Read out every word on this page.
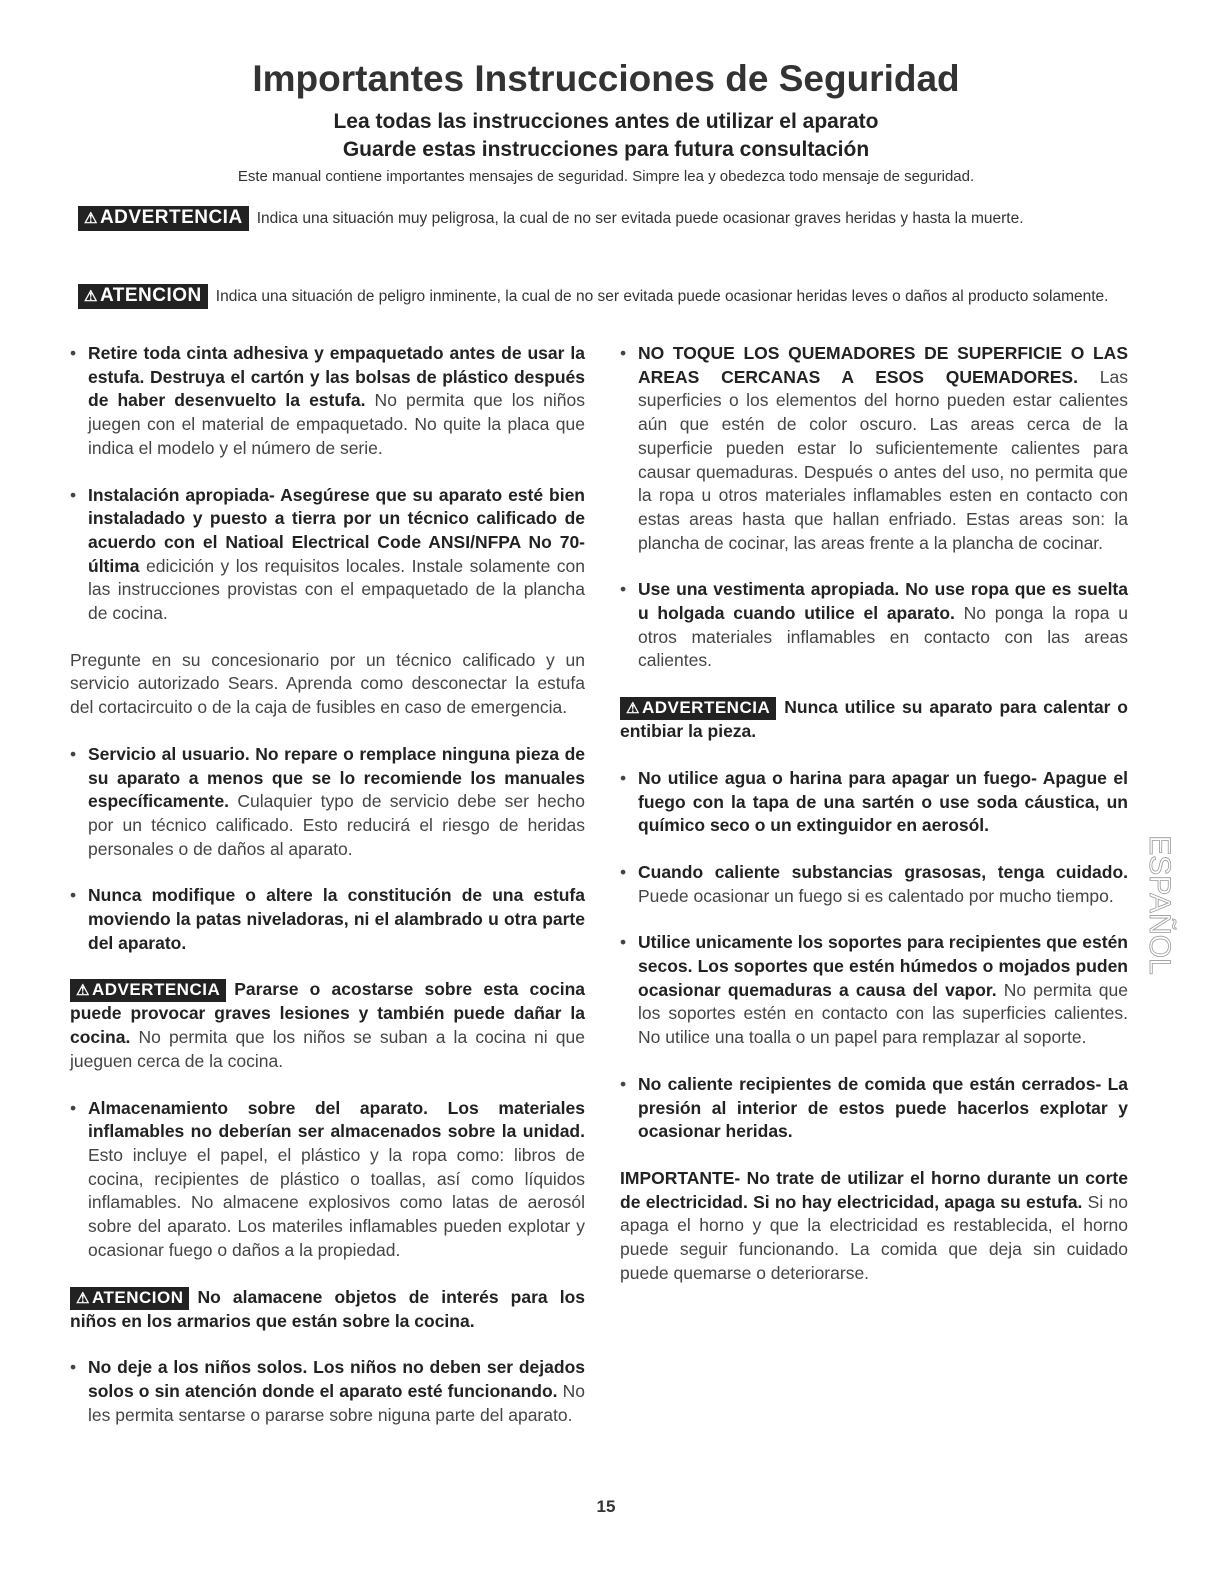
Importantes Instrucciones de Seguridad
Lea todas las instrucciones antes de utilizar el aparato
Guarde estas instrucciones para futura consultación
Este manual contiene importantes mensajes de seguridad. Simpre lea y obedezca todo mensaje de seguridad.
⚠ ADVERTENCIA Indica una situación muy peligrosa, la cual de no ser evitada puede ocasionar graves heridas y hasta la muerte.
⚠ ATENCION Indica una situación de peligro inminente, la cual de no ser evitada puede ocasionar heridas leves o daños al producto solamente.
• Retire toda cinta adhesiva y empaquetado antes de usar la estufa. Destruya el cartón y las bolsas de plástico después de haber desenvuelto la estufa. No permita que los niños juegen con el material de empaquetado. No quite la placa que indica el modelo y el número de serie.
• Instalación apropiada- Asegúrese que su aparato esté bien instaladado y puesto a tierra por un técnico calificado de acuerdo con el Natioal Electrical Code ANSI/NFPA No 70- última edicición y los requisitos locales. Instale solamente con las instrucciones provistas con el empaquetado de la plancha de cocina.
Pregunte en su concesionario por un técnico calificado y un servicio autorizado Sears. Aprenda como desconectar la estufa del cortacircuito o de la caja de fusibles en caso de emergencia.
• Servicio al usuario. No repare o remplace ninguna pieza de su aparato a menos que se lo recomiende los manuales específicamente. Culaquier typo de servicio debe ser hecho por un técnico calificado. Esto reducirá el riesgo de heridas personales o de daños al aparato.
• Nunca modifique o altere la constitución de una estufa moviendo la patas niveladoras, ni el alambrado u otra parte del aparato.
⚠ ADVERTENCIA Pararse o acostarse sobre esta cocina puede provocar graves lesiones y también puede dañar la cocina. No permita que los niños se suban a la cocina ni que jueguen cerca de la cocina.
• Almacenamiento sobre del aparato. Los materiales inflamables no deberían ser almacenados sobre la unidad. Esto incluye el papel, el plástico y la ropa como: libros de cocina, recipientes de plástico o toallas, así como líquidos inflamables. No almacene explosivos como latas de aerosól sobre del aparato. Los materiles inflamables pueden explotar y ocasionar fuego o daños a la propiedad.
⚠ ATENCION No alamacene objetos de interés para los niños en los armarios que están sobre la cocina.
• No deje a los niños solos. Los niños no deben ser dejados solos o sin atención donde el aparato esté funcionando. No les permita sentarse o pararse sobre niguna parte del aparato.
• NO TOQUE LOS QUEMADORES DE SUPERFICIE O LAS AREAS CERCANAS A ESOS QUEMADORES. Las superficies o los elementos del horno pueden estar calientes aún que estén de color oscuro. Las areas cerca de la superficie pueden estar lo suficientemente calientes para causar quemaduras. Después o antes del uso, no permita que la ropa u otros materiales inflamables esten en contacto con estas areas hasta que hallan enfriado. Estas areas son: la plancha de cocinar, las areas frente a la plancha de cocinar.
• Use una vestimenta apropiada. No use ropa que es suelta u holgada cuando utilice el aparato. No ponga la ropa u otros materiales inflamables en contacto con las areas calientes.
⚠ ADVERTENCIA Nunca utilice su aparato para calentar o entibiar la pieza.
• No utilice agua o harina para apagar un fuego- Apague el fuego con la tapa de una sartén o use soda cáustica, un químico seco o un extinguidor en aerosól.
• Cuando caliente substancias grasosas, tenga cuidado. Puede ocasionar un fuego si es calentado por mucho tiempo.
• Utilice unicamente los soportes para recipientes que estén secos. Los soportes que estén húmedos o mojados puden ocasionar quemaduras a causa del vapor. No permita que los soportes estén en contacto con las superficies calientes. No utilice una toalla o un papel para remplazar al soporte.
• No caliente recipientes de comida que están cerrados- La presión al interior de estos puede hacerlos explotar y ocasionar heridas.
IMPORTANTE- No trate de utilizar el horno durante un corte de electricidad. Si no hay electricidad, apaga su estufa. Si no apaga el horno y que la electricidad es restablecida, el horno puede seguir funcionando. La comida que deja sin cuidado puede quemarse o deteriorarse.
ESPAÑOL
15
